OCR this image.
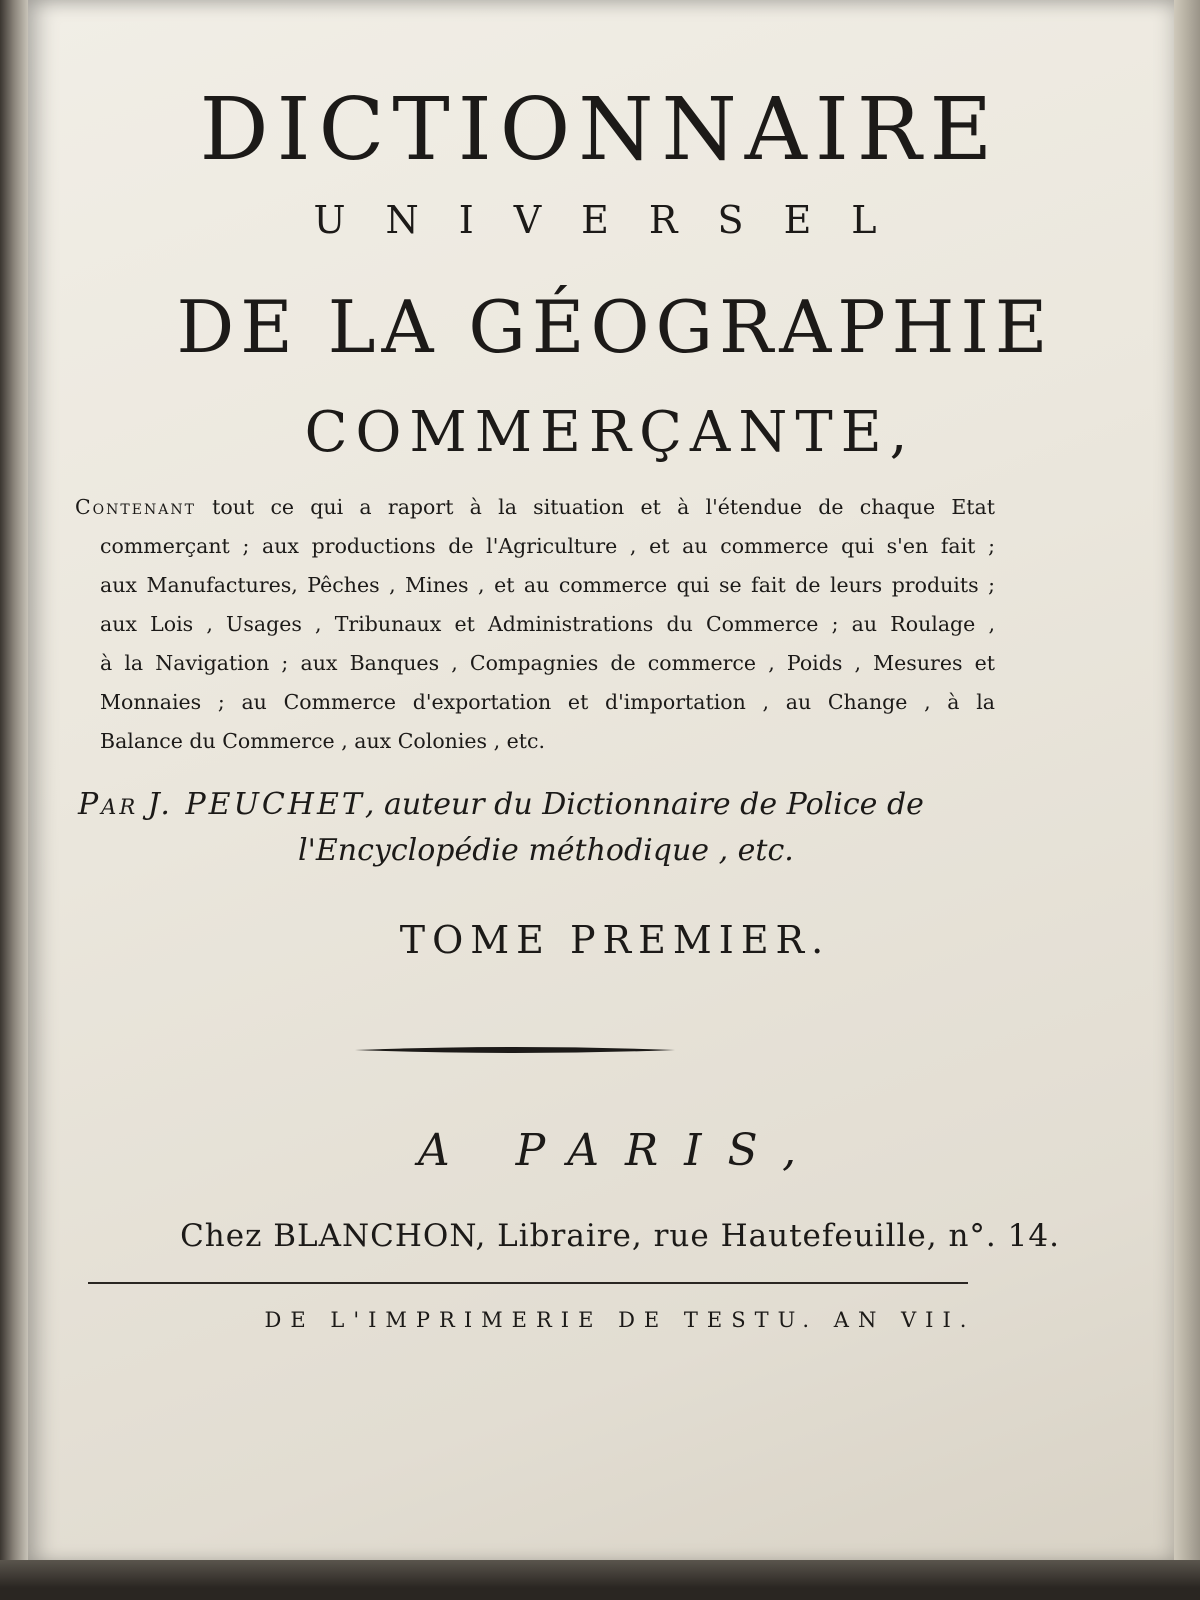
DICTIONNAIRE
UNIVERSEL
DE LA GÉOGRAPHIE
COMMERÇANTE,
Contenant tout ce qui a raport à la situation et à l'étendue de chaque Etat
commerçant ; aux productions de l'Agriculture , et au commerce qui s'en fait ;
aux Manufactures, Pêches , Mines , et au commerce qui se fait de leurs produits ;
aux Lois , Usages , Tribunaux et Administrations du Commerce ; au Roulage ,
à la Navigation ; aux Banques , Compagnies de commerce , Poids , Mesures et
Monnaies ; au Commerce d'exportation et d'importation , au Change , à la
Balance du Commerce , aux Colonies , etc.
Par J. PEUCHET, auteur du Dictionnaire de Police de
l'Encyclopédie méthodique , etc.
TOME PREMIER.
A PARIS,
Chez BLANCHON, Libraire, rue Hautefeuille, n°. 14.
DE L'IMPRIMERIE DE TESTU. AN VII.
